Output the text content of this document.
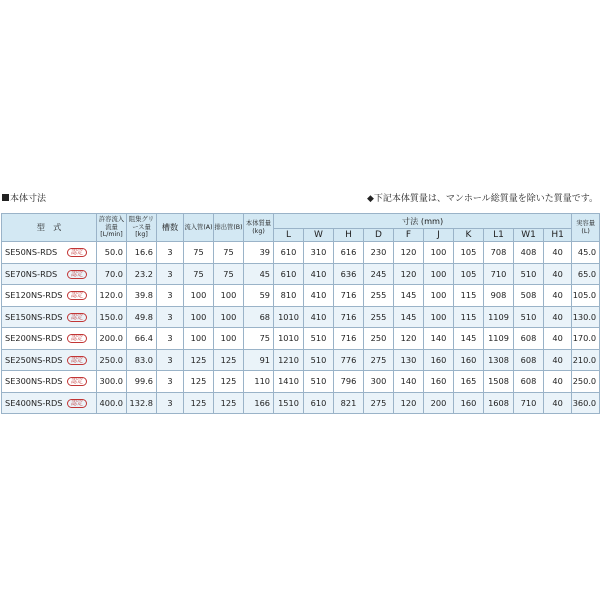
本体寸法	◆下記本体質量は、マンホール総質量を除いた質量です。
型　式	許容流入流量[L/min]	阻集グリース量[kg]	槽数	流入管(A)	排出管(B)	本体質量(kg)	寸法 (mm)										実容量(L)
							L	W	H	D	F	J	K	L1	W1	H1	
SE50NS-RDS 認定	50.0	16.6	3	75	75	39	610	310	616	230	120	100	105	708	408	40	45.0
SE70NS-RDS 認定	70.0	23.2	3	75	75	45	610	410	636	245	120	100	105	710	510	40	65.0
SE120NS-RDS 認定	120.0	39.8	3	100	100	59	810	410	716	255	145	100	115	908	508	40	105.0
SE150NS-RDS 認定	150.0	49.8	3	100	100	68	1010	410	716	255	145	100	115	1109	510	40	130.0
SE200NS-RDS 認定	200.0	66.4	3	100	100	75	1010	510	716	250	120	140	145	1109	608	40	170.0
SE250NS-RDS 認定	250.0	83.0	3	125	125	91	1210	510	776	275	130	160	160	1308	608	40	210.0
SE300NS-RDS 認定	300.0	99.6	3	125	125	110	1410	510	796	300	140	160	165	1508	608	40	250.0
SE400NS-RDS 認定	400.0	132.8	3	125	125	166	1510	610	821	275	120	200	160	1608	710	40	360.0
